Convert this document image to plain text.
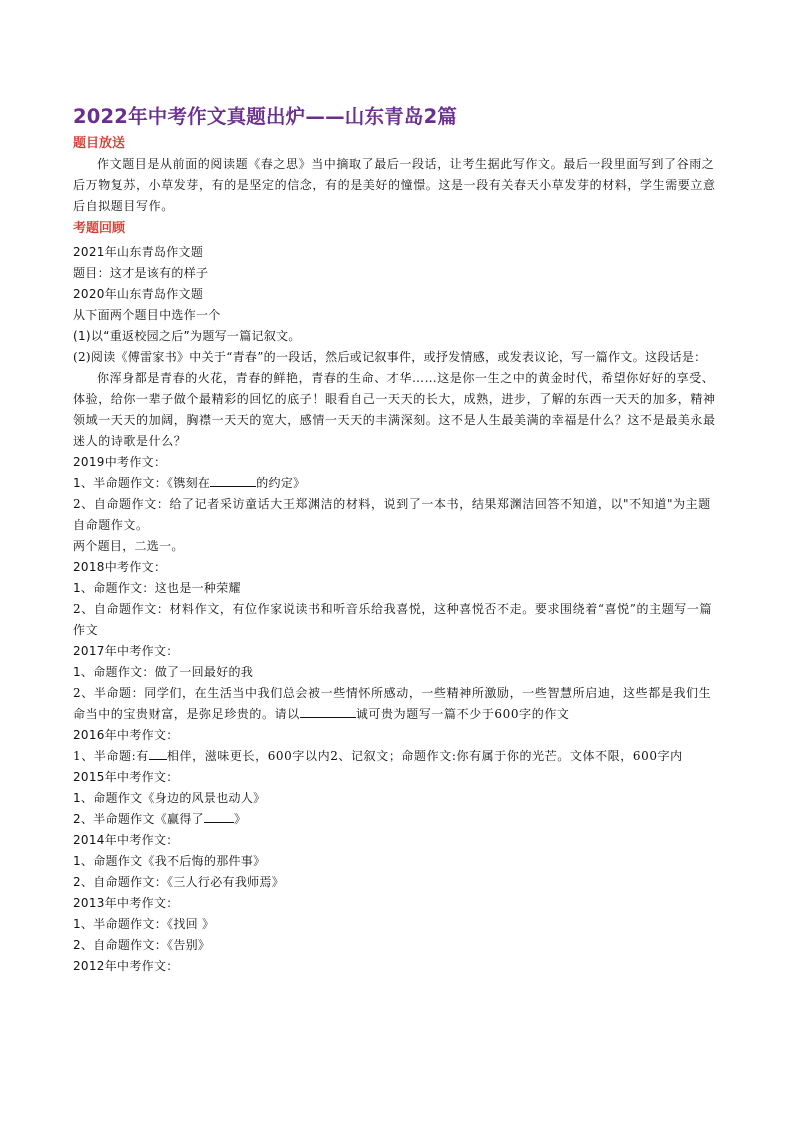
2022年中考作文真题出炉——山东青岛2篇

题目放送

作文题目是从前面的阅读题《春之思》当中摘取了最后一段话，让考生据此写作文。最后一段里面写到了谷雨之后万物复苏，小草发芽，有的是坚定的信念，有的是美好的憧憬。这是一段有关春天小草发芽的材料，学生需要立意后自拟题目写作。

考题回顾

2021年山东青岛作文题

题目：这才是该有的样子

2020年山东青岛作文题

从下面两个题目中选作一个

(1)以“重返校园之后”为题写一篇记叙文。

(2)阅读《傅雷家书》中关于“青春”的一段话，然后或记叙事件，或抒发情感，或发表议论，写一篇作文。这段话是：

你浑身都是青春的火花，青春的鲜艳，青春的生命、才华……这是你一生之中的黄金时代，希望你好好的享受、体验，给你一辈子做个最精彩的回忆的底子！眼看自己一天天的长大，成熟，进步，了解的东西一天天的加多，精神领域一天天的加阔，胸襟一天天的宽大，感情一天天的丰满深刻。这不是人生最美满的幸福是什么？这不是最美永最迷人的诗歌是什么？

2019中考作文：

1、半命题作文：《镌刻在	的约定》

2、自命题作文：给了记者采访童话大王郑渊洁的材料，说到了一本书，结果郑渊洁回答不知道，以"不知道"为主题自命题作文。

两个题目，二选一。

2018中考作文：

1、命题作文：这也是一种荣耀

2、自命题作文：材料作文，有位作家说读书和听音乐给我喜悦，这种喜悦否不走。要求围绕着“喜悦”的主题写一篇作文

2017年中考作文：

1、命题作文：做了一回最好的我

2、半命题：同学们，在生活当中我们总会被一些情怀所感动，一些精神所激励，一些智慧所启迪，这些都是我们生命当中的宝贵财富，是弥足珍贵的。请以	诚可贵为题写一篇不少于600字的作文

2016年中考作文：

1、半命题:有 相伴，滋味更长，600字以内2、记叙文；命题作文:你有属于你的光芒。文体不限，600字内

2015年中考作文：

1、命题作文《身边的风景也动人》

2、半命题作文《赢得了	》

2014年中考作文：

1、命题作文《我不后悔的那件事》

2、自命题作文：《三人行必有我师焉》

2013年中考作文：

1、半命题作文：《找回 》

2、自命题作文：《告别》

2012年中考作文：
